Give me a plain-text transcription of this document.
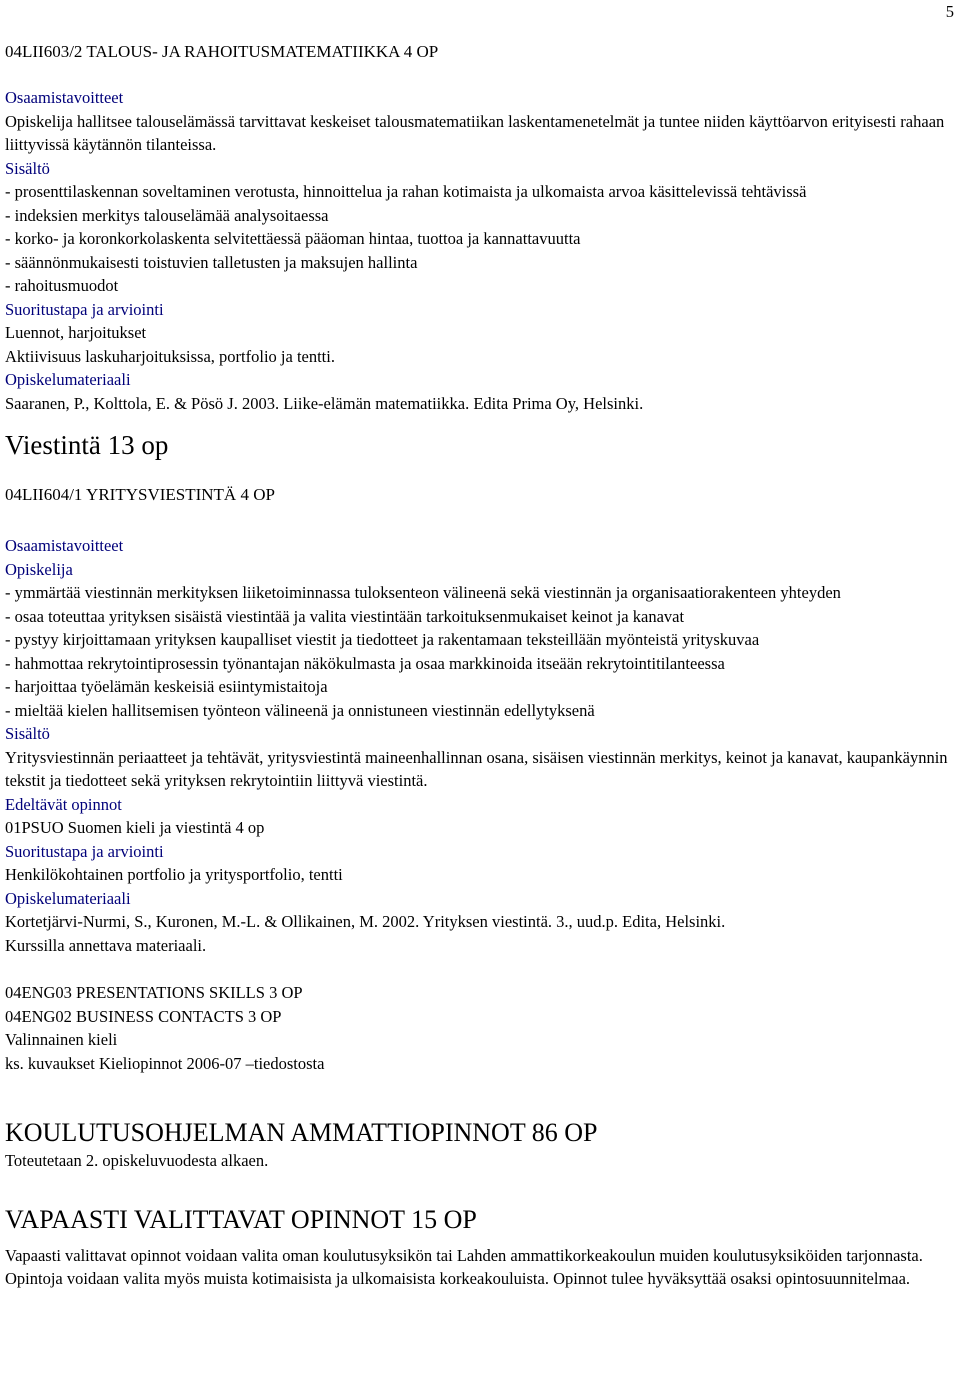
5
04LII603/2 TALOUS- JA RAHOITUSMATEMATIIKKA 4 OP
Osaamistavoitteet

Opiskelija hallitsee talouselämässä tarvittavat keskeiset talousmatematiikan laskentamenetelmät ja tuntee niiden käyttöarvon erityisesti rahaan liittyvissä käytännön tilanteissa.

Sisältö

- prosenttilaskennan soveltaminen verotusta, hinnoittelua ja rahan kotimaista ja ulkomaista arvoa käsittelevissä tehtävissä

- indeksien merkitys talouselämää analysoitaessa

- korko- ja koronkorkolaskenta selvitettäessä pääoman hintaa, tuottoa ja kannattavuutta

- säännönmukaisesti toistuvien talletusten ja maksujen hallinta

- rahoitusmuodot

Suoritustapa ja arviointi

Luennot, harjoitukset

Aktiivisuus laskuharjoituksissa, portfolio ja tentti.

Opiskelumateriaali

Saaranen, P., Kolttola, E. & Pösö J. 2003. Liike-elämän matematiikka. Edita Prima Oy, Helsinki.

Viestintä 13 op
04LII604/1 YRITYSVIESTINTÄ 4 OP
Osaamistavoitteet

Opiskelija

- ymmärtää viestinnän merkityksen liiketoiminnassa tuloksenteon välineenä sekä viestinnän ja organisaatiorakenteen yhteyden

- osaa toteuttaa yrityksen sisäistä viestintää ja valita viestintään tarkoituksenmukaiset keinot ja kanavat

- pystyy kirjoittamaan yrityksen kaupalliset viestit ja tiedotteet ja rakentamaan teksteillään myönteistä yrityskuvaa

- hahmottaa rekrytointiprosessin työnantajan näkökulmasta ja osaa markkinoida itseään rekrytointitilanteessa

- harjoittaa työelämän keskeisiä esiintymistaitoja

- mieltää kielen hallitsemisen työnteon välineenä ja onnistuneen viestinnän edellytyksenä

Sisältö

Yritysviestinnän periaatteet ja tehtävät, yritysviestintä maineenhallinnan osana, sisäisen viestinnän merkitys, keinot ja kanavat, kaupankäynnin tekstit ja tiedotteet sekä yrityksen rekrytointiin liittyvä viestintä.

Edeltävät opinnot

01PSUO Suomen kieli ja viestintä 4 op

Suoritustapa ja arviointi

Henkilökohtainen portfolio ja yritysportfolio, tentti

Opiskelumateriaali

Kortetjärvi-Nurmi, S., Kuronen, M.-L. & Ollikainen, M. 2002. Yrityksen viestintä. 3., uud.p. Edita, Helsinki.

Kurssilla annettava materiaali.

04ENG03 PRESENTATIONS SKILLS 3 OP

04ENG02 BUSINESS CONTACTS 3 OP

Valinnainen kieli

ks. kuvaukset Kieliopinnot 2006-07 –tiedostosta

KOULUTUSOHJELMAN AMMATTIOPINNOT 86 OP

Toteutetaan 2. opiskeluvuodesta alkaen.

VAPAASTI VALITTAVAT OPINNOT 15 OP

Vapaasti valittavat opinnot voidaan valita oman koulutusyksikön tai Lahden ammattikorkeakoulun muiden koulutusyksiköiden tarjonnasta. Opintoja voidaan valita myös muista kotimaisista ja ulkomaisista korkeakouluista. Opinnot tulee hyväksyttää osaksi opintosuunnitelmaa.
